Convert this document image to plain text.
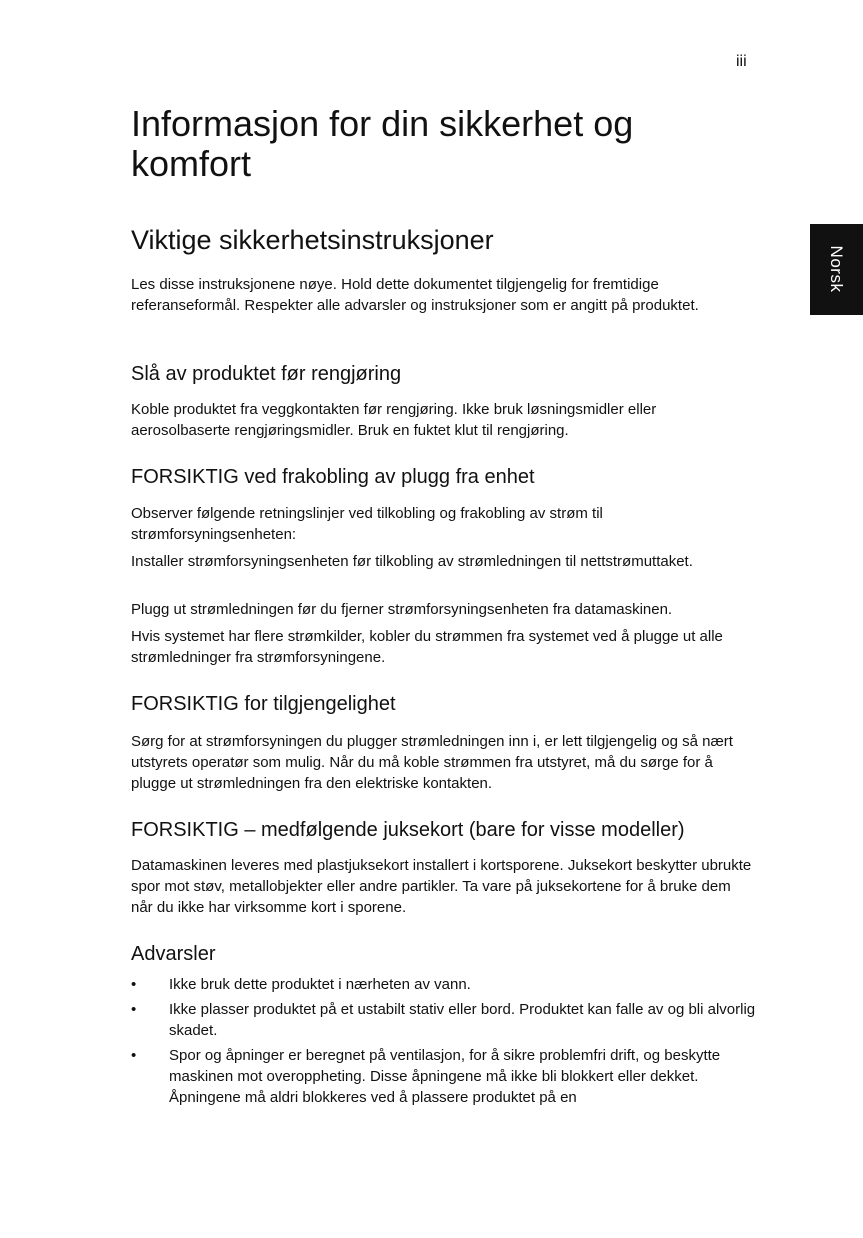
iii
Norsk
Informasjon for din sikkerhet og komfort
Viktige sikkerhetsinstruksjoner

Les disse instruksjonene nøye. Hold dette dokumentet tilgjengelig for fremtidige referanseformål. Respekter alle advarsler og instruksjoner som er angitt på produktet.

Slå av produktet før rengjøring

Koble produktet fra veggkontakten før rengjøring. Ikke bruk løsningsmidler eller aerosolbaserte rengjøringsmidler. Bruk en fuktet klut til rengjøring.

FORSIKTIG ved frakobling av plugg fra enhet

Observer følgende retningslinjer ved tilkobling og frakobling av strøm til strømforsyningsenheten:

Installer strømforsyningsenheten før tilkobling av strømledningen til nettstrømuttaket.

Plugg ut strømledningen før du fjerner strømforsyningsenheten fra datamaskinen.

Hvis systemet har flere strømkilder, kobler du strømmen fra systemet ved å plugge ut alle strømledninger fra strømforsyningene.

FORSIKTIG for tilgjengelighet

Sørg for at strømforsyningen du plugger strømledningen inn i, er lett tilgjengelig og så nært utstyrets operatør som mulig. Når du må koble strømmen fra utstyret, må du sørge for å plugge ut strømledningen fra den elektriske kontakten.

FORSIKTIG – medfølgende juksekort (bare for visse modeller)

Datamaskinen leveres med plastjuksekort installert i kortsporene. Juksekort beskytter ubrukte spor mot støv, metallobjekter eller andre partikler. Ta vare på juksekortene for å bruke dem når du ikke har virksomme kort i sporene.

Advarsler
• Ikke bruk dette produktet i nærheten av vann.
• Ikke plasser produktet på et ustabilt stativ eller bord. Produktet kan falle av og bli alvorlig skadet.
• Spor og åpninger er beregnet på ventilasjon, for å sikre problemfri drift, og beskytte maskinen mot overoppheting. Disse åpningene må ikke bli blokkert eller dekket. Åpningene må aldri blokkeres ved å plassere produktet på en
